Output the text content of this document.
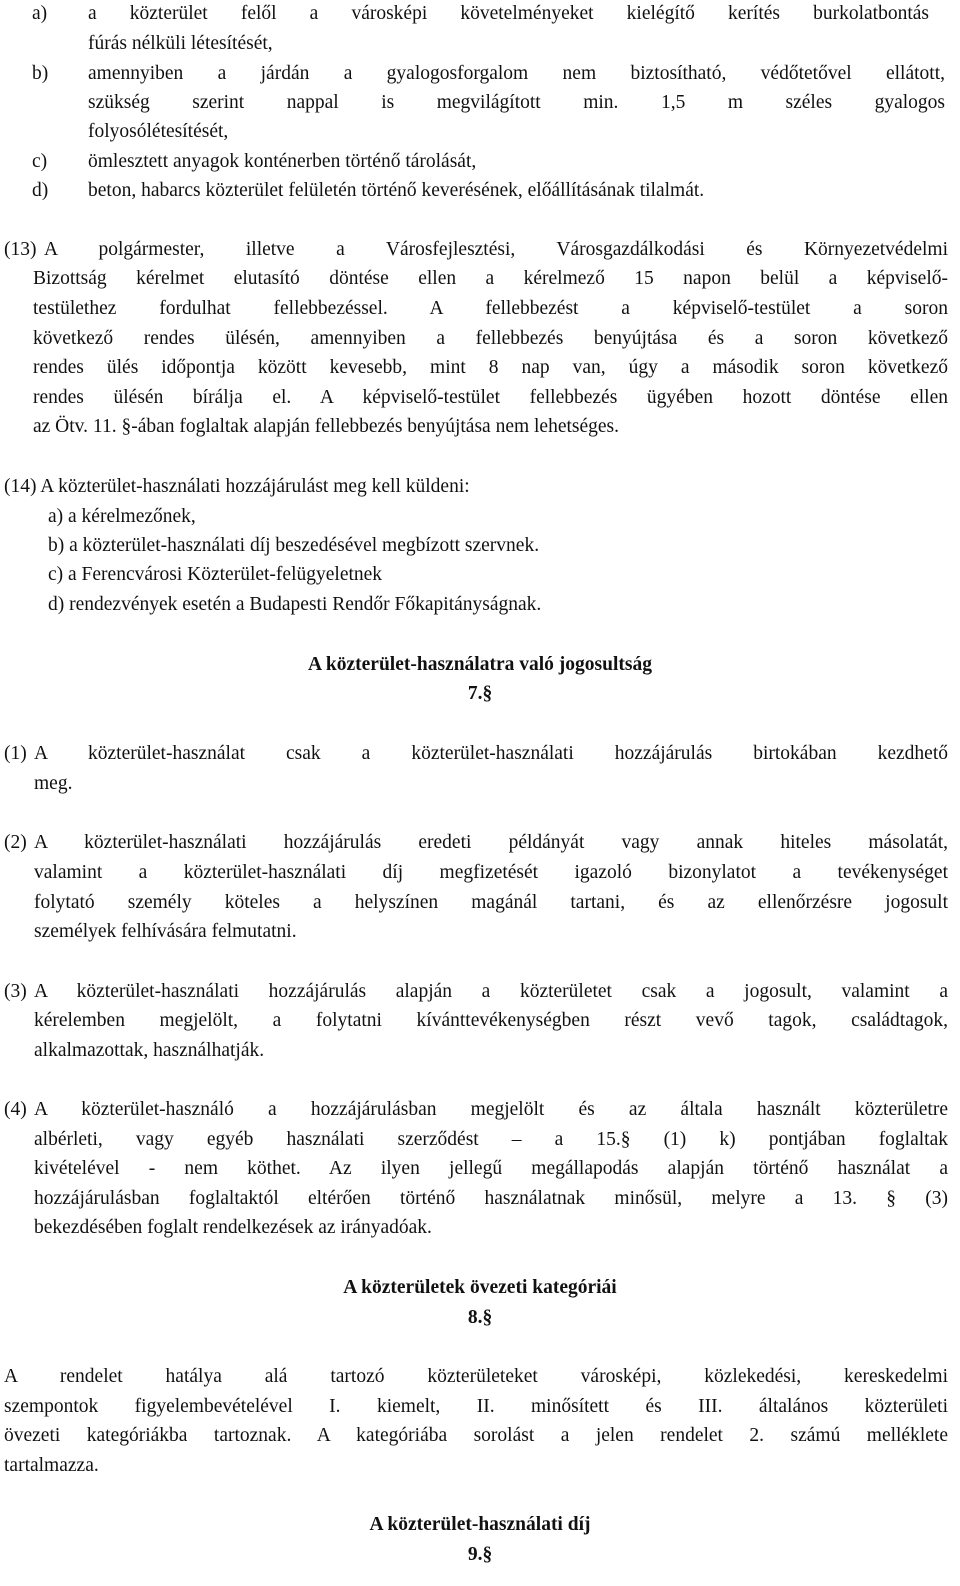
a) a közterület felől a városképi követelményeket kielégítő kerítés burkolatbontás
fúrás nélküli létesítését,
b) amennyiben a járdán a gyalogosforgalom nem biztosítható, védőtetővel ellátott,
szükség szerint nappal is megvilágított min. 1,5 m széles gyalogos
folyosólétesítését,
c) ömlesztett anyagok konténerben történő tárolását,
d) beton, habarcs közterület felületén történő keverésének, előállításának tilalmát.
(13) A polgármester, illetve a Városfejlesztési, Városgazdálkodási és Környezetvédelmi
Bizottság kérelmet elutasító döntése ellen a kérelmező 15 napon belül a képviselő-
testülethez fordulhat fellebbezéssel. A fellebbezést a képviselő-testület a soron
következő rendes ülésén, amennyiben a fellebbezés benyújtása és a soron következő
rendes ülés időpontja között kevesebb, mint 8 nap van, úgy a második soron következő
rendes ülésén bírálja el. A képviselő-testület fellebbezés ügyében hozott döntése ellen
az Ötv. 11. §-ában foglaltak alapján fellebbezés benyújtása nem lehetséges.
(14) A közterület-használati hozzájárulást meg kell küldeni:
a) a kérelmezőnek,
b) a közterület-használati díj beszedésével megbízott szervnek.
c) a Ferencvárosi Közterület-felügyeletnek
d) rendezvények esetén a Budapesti Rendőr Főkapitányságnak.
A közterület-használatra való jogosultság
7.§
(1) A közterület-használat csak a közterület-használati hozzájárulás birtokában kezdhető
meg.
(2) A közterület-használati hozzájárulás eredeti példányát vagy annak hiteles másolatát,
valamint a közterület-használati díj megfizetését igazoló bizonylatot a tevékenységet
folytató személy köteles a helyszínen magánál tartani, és az ellenőrzésre jogosult
személyek felhívására felmutatni.
(3) A közterület-használati hozzájárulás alapján a közterületet csak a jogosult, valamint a
kérelemben megjelölt, a folytatni kívánttevékenységben részt vevő tagok, családtagok,
alkalmazottak, használhatják.
(4) A közterület-használó a hozzájárulásban megjelölt és az általa használt közterületre
albérleti, vagy egyéb használati szerződést – a 15.§ (1) k) pontjában foglaltak
kivételével - nem köthet. Az ilyen jellegű megállapodás alapján történő használat a
hozzájárulásban foglaltaktól eltérően történő használatnak minősül, melyre a 13. § (3)
bekezdésében foglalt rendelkezések az irányadóak.
A közterületek övezeti kategóriái
8.§
A rendelet hatálya alá tartozó közterületeket városképi, közlekedési, kereskedelmi
szempontok figyelembevételével I. kiemelt, II. minősített és III. általános közterületi
övezeti kategóriákba tartoznak. A kategóriába sorolást a jelen rendelet 2. számú melléklete
tartalmazza.
A közterület-használati díj
9.§
